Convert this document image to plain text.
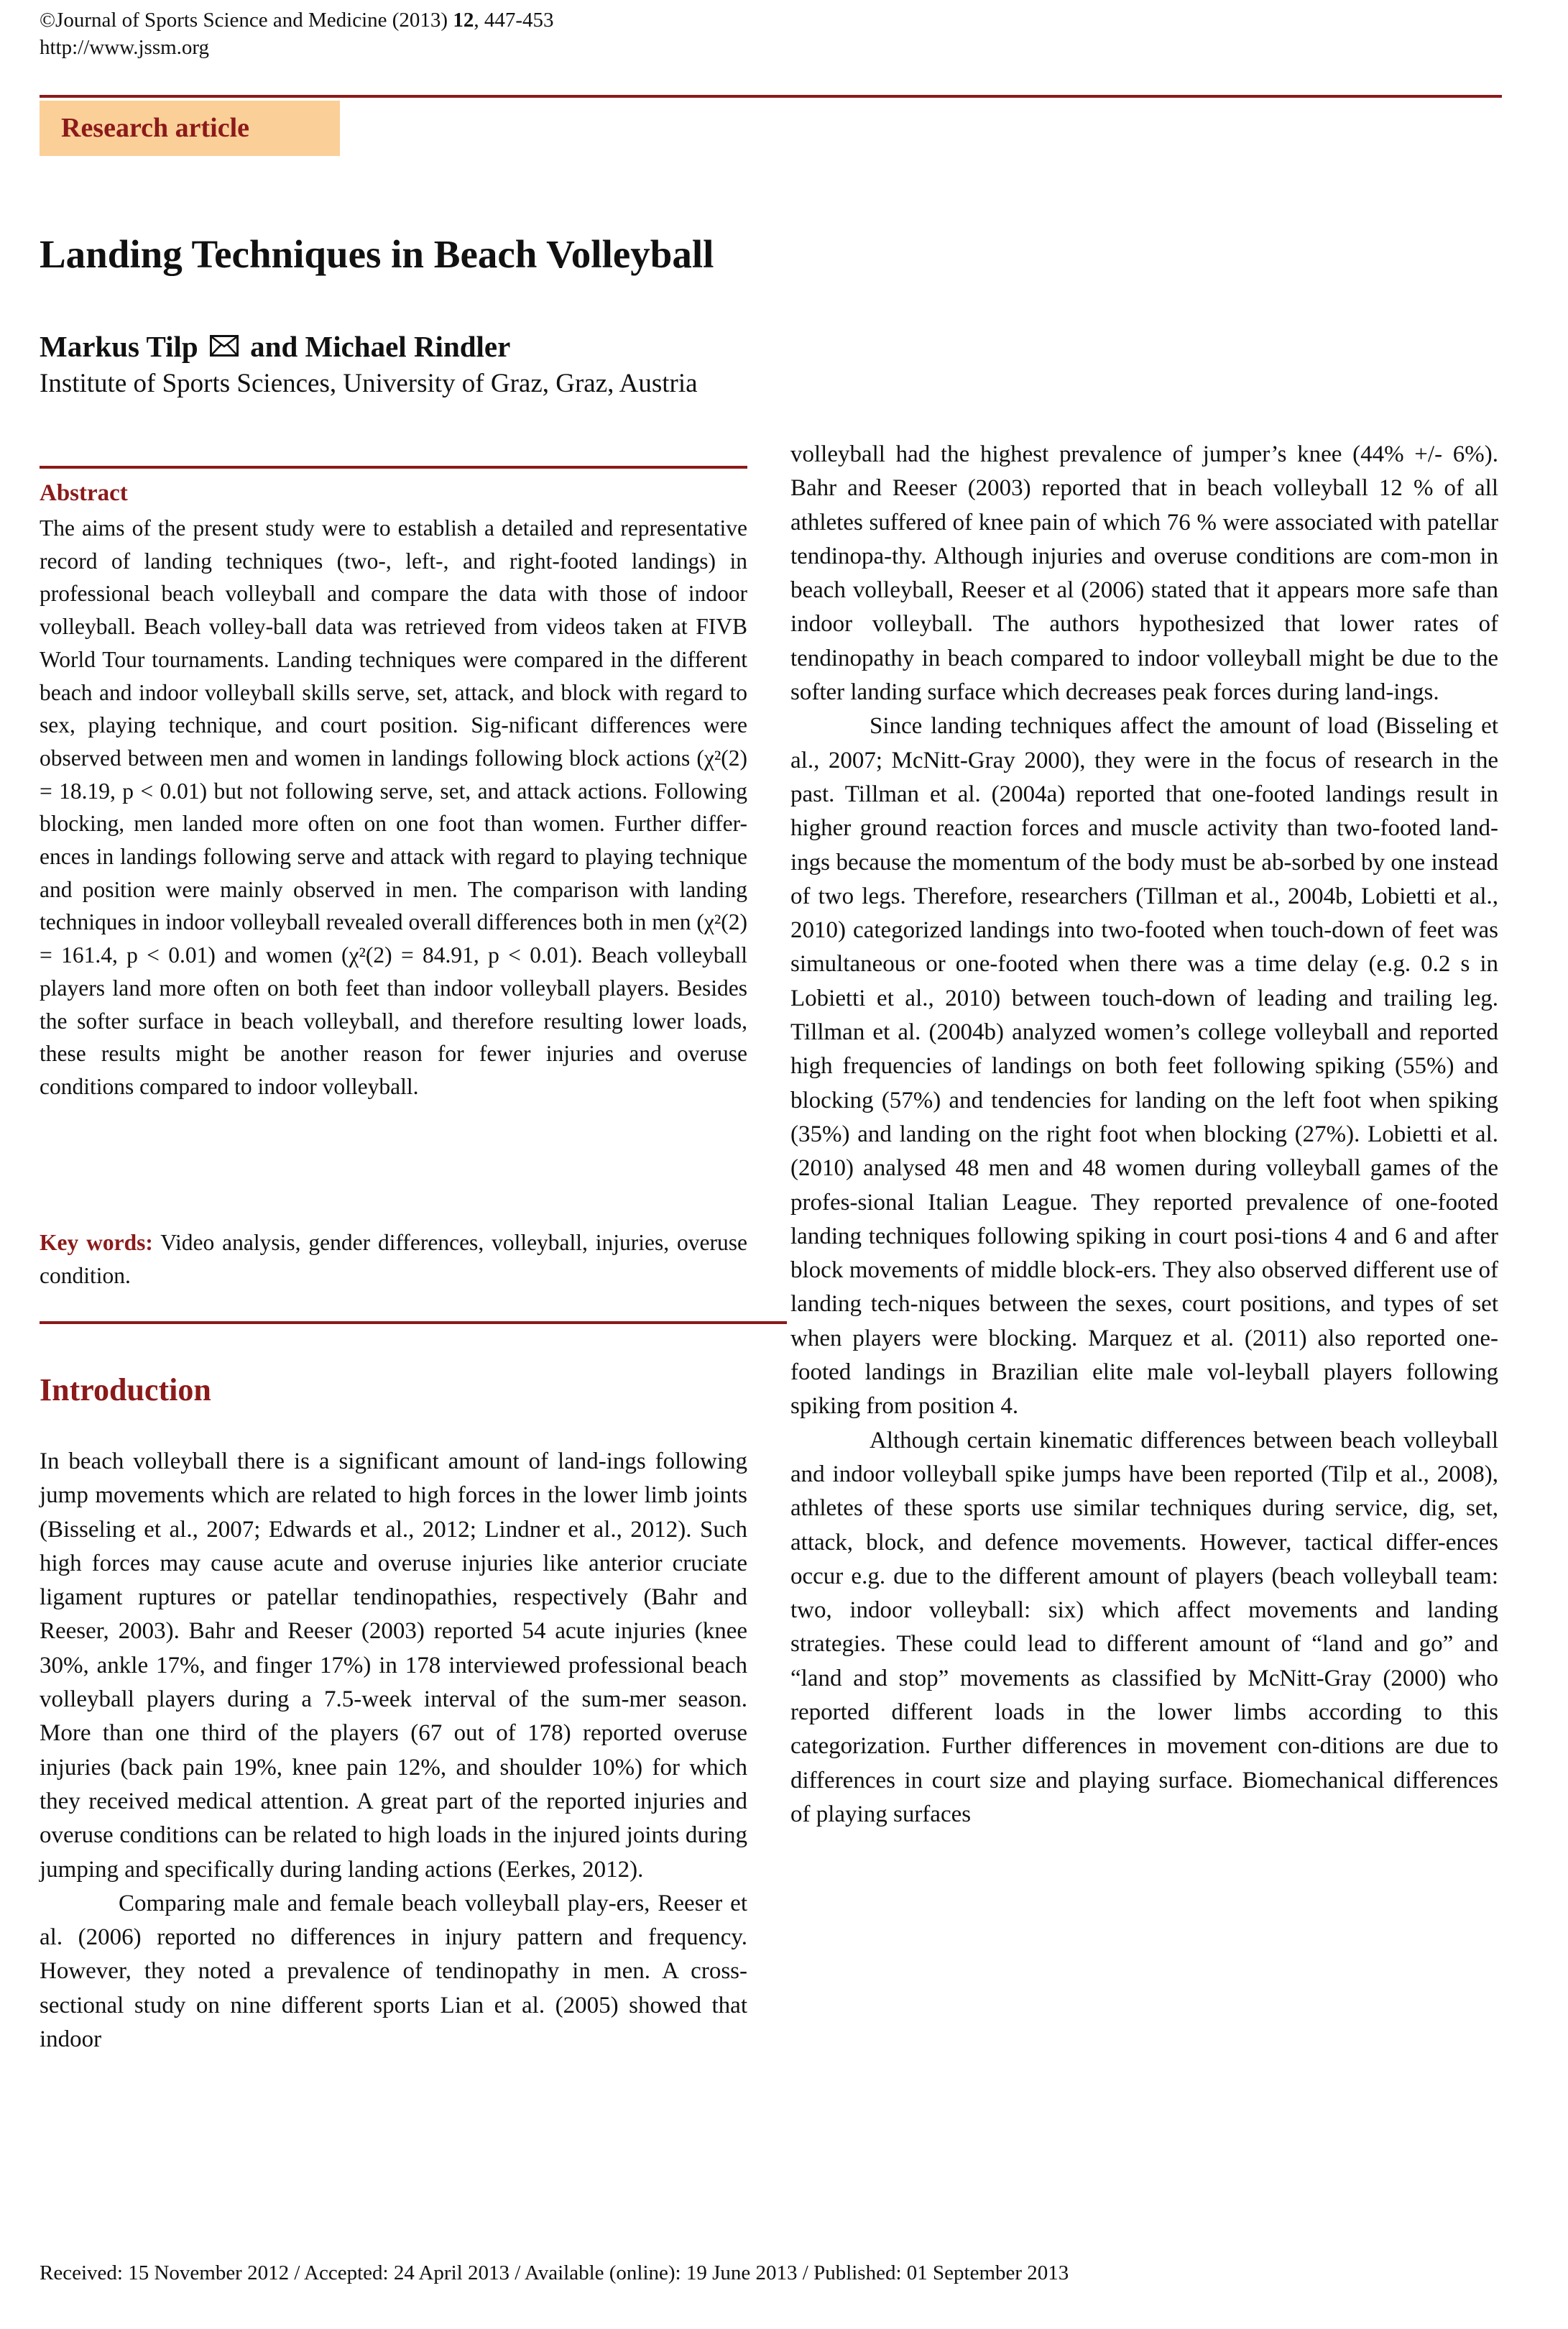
©Journal of Sports Science and Medicine (2013) 12, 447-453
http://www.jssm.org
Research article
Landing Techniques in Beach Volleyball
Markus Tilp and Michael Rindler
Institute of Sports Sciences, University of Graz, Graz, Austria
Abstract
The aims of the present study were to establish a detailed and representative record of landing techniques (two-, left-, and right-footed landings) in professional beach volleyball and compare the data with those of indoor volleyball. Beach volley-ball data was retrieved from videos taken at FIVB World Tour tournaments. Landing techniques were compared in the different beach and indoor volleyball skills serve, set, attack, and block with regard to sex, playing technique, and court position. Sig-nificant differences were observed between men and women in landings following block actions (χ²(2) = 18.19, p < 0.01) but not following serve, set, and attack actions. Following blocking, men landed more often on one foot than women. Further differ-ences in landings following serve and attack with regard to playing technique and position were mainly observed in men. The comparison with landing techniques in indoor volleyball revealed overall differences both in men (χ²(2) = 161.4, p < 0.01) and women (χ²(2) = 84.91, p < 0.01). Beach volleyball players land more often on both feet than indoor volleyball players. Besides the softer surface in beach volleyball, and therefore resulting lower loads, these results might be another reason for fewer injuries and overuse conditions compared to indoor volleyball.
Key words: Video analysis, gender differences, volleyball, injuries, overuse condition.
Introduction

In beach volleyball there is a significant amount of land-ings following jump movements which are related to high forces in the lower limb joints (Bisseling et al., 2007; Edwards et al., 2012; Lindner et al., 2012). Such high forces may cause acute and overuse injuries like anterior cruciate ligament ruptures or patellar tendinopathies, respectively (Bahr and Reeser, 2003). Bahr and Reeser (2003) reported 54 acute injuries (knee 30%, ankle 17%, and finger 17%) in 178 interviewed professional beach volleyball players during a 7.5-week interval of the sum-mer season. More than one third of the players (67 out of 178) reported overuse injuries (back pain 19%, knee pain 12%, and shoulder 10%) for which they received medical attention. A great part of the reported injuries and overuse conditions can be related to high loads in the injured joints during jumping and specifically during landing actions (Eerkes, 2012).

Comparing male and female beach volleyball play-ers, Reeser et al. (2006) reported no differences in injury pattern and frequency. However, they noted a prevalence of tendinopathy in men. A cross-sectional study on nine different sports Lian et al. (2005) showed that indoor

volleyball had the highest prevalence of jumper’s knee (44% +/- 6%). Bahr and Reeser (2003) reported that in beach volleyball 12 % of all athletes suffered of knee pain of which 76 % were associated with patellar tendinopa-thy. Although injuries and overuse conditions are com-mon in beach volleyball, Reeser et al (2006) stated that it appears more safe than indoor volleyball. The authors hypothesized that lower rates of tendinopathy in beach compared to indoor volleyball might be due to the softer landing surface which decreases peak forces during land-ings.

Since landing techniques affect the amount of load (Bisseling et al., 2007; McNitt-Gray 2000), they were in the focus of research in the past. Tillman et al. (2004a) reported that one-footed landings result in higher ground reaction forces and muscle activity than two-footed land-ings because the momentum of the body must be ab-sorbed by one instead of two legs. Therefore, researchers (Tillman et al., 2004b, Lobietti et al., 2010) categorized landings into two-footed when touch-down of feet was simultaneous or one-footed when there was a time delay (e.g. 0.2 s in Lobietti et al., 2010) between touch-down of leading and trailing leg. Tillman et al. (2004b) analyzed women’s college volleyball and reported high frequencies of landings on both feet following spiking (55%) and blocking (57%) and tendencies for landing on the left foot when spiking (35%) and landing on the right foot when blocking (27%). Lobietti et al. (2010) analysed 48 men and 48 women during volleyball games of the profes-sional Italian League. They reported prevalence of one-footed landing techniques following spiking in court posi-tions 4 and 6 and after block movements of middle block-ers. They also observed different use of landing tech-niques between the sexes, court positions, and types of set when players were blocking. Marquez et al. (2011) also reported one-footed landings in Brazilian elite male vol-leyball players following spiking from position 4.

Although certain kinematic differences between beach volleyball and indoor volleyball spike jumps have been reported (Tilp et al., 2008), athletes of these sports use similar techniques during service, dig, set, attack, block, and defence movements. However, tactical differ-ences occur e.g. due to the different amount of players (beach volleyball team: two, indoor volleyball: six) which affect movements and landing strategies. These could lead to different amount of “land and go” and “land and stop” movements as classified by McNitt-Gray (2000) who reported different loads in the lower limbs according to this categorization. Further differences in movement con-ditions are due to differences in court size and playing surface. Biomechanical differences of playing surfaces

Received: 15 November 2012 / Accepted: 24 April 2013 / Available (online): 19 June 2013 / Published: 01 September 2013
